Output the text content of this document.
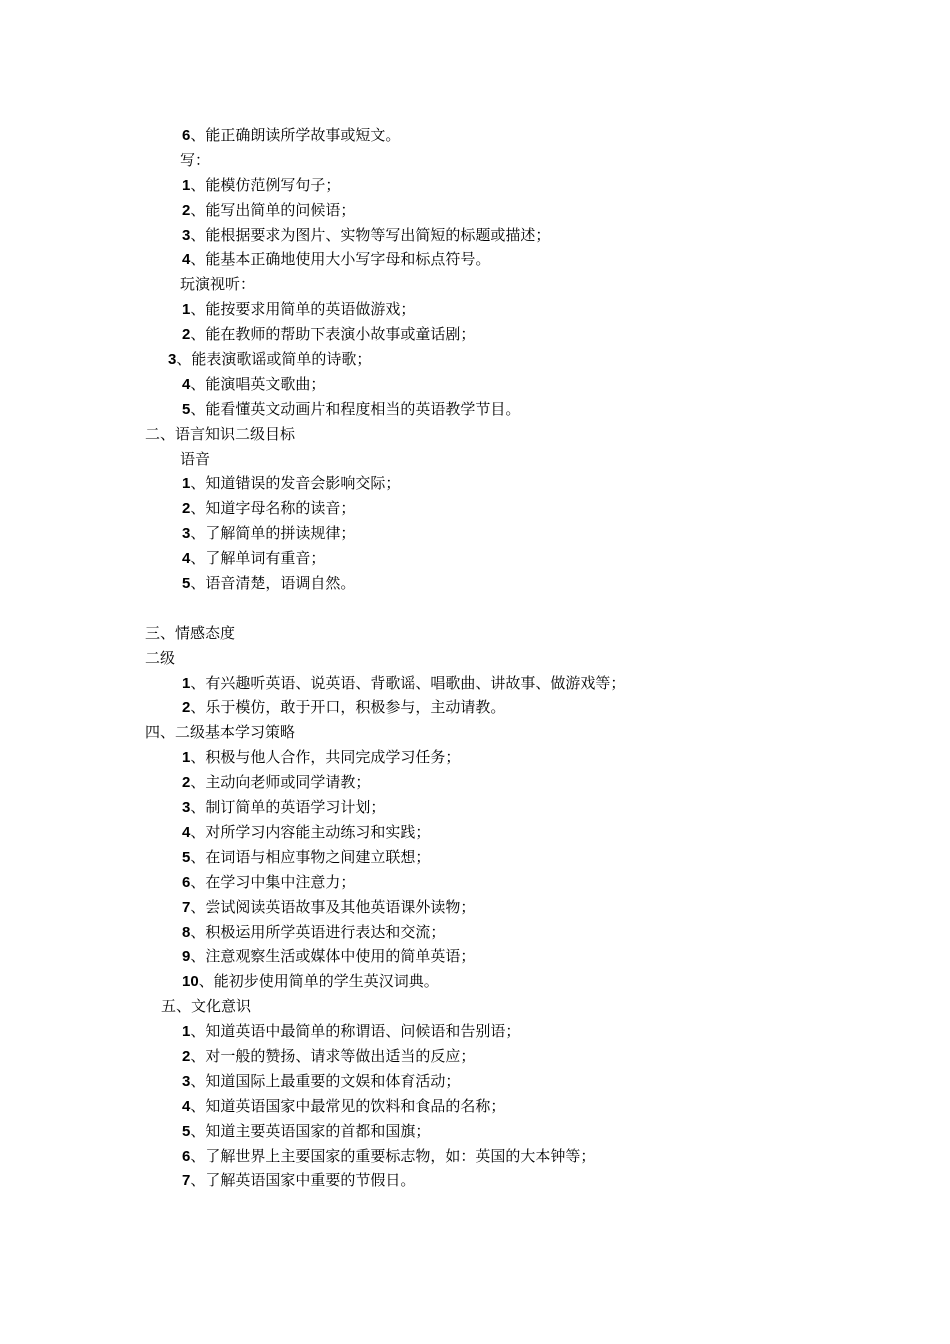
6、能正确朗读所学故事或短文。
写：
1、能模仿范例写句子；
2、能写出简单的问候语；
3、能根据要求为图片、实物等写出简短的标题或描述；
4、能基本正确地使用大小写字母和标点符号。
玩演视听：
1、能按要求用简单的英语做游戏；
2、能在教师的帮助下表演小故事或童话剧；
3、能表演歌谣或简单的诗歌；
4、能演唱英文歌曲；
5、能看懂英文动画片和程度相当的英语教学节目。
二、语言知识二级目标
语音
1、知道错误的发音会影响交际；
2、知道字母名称的读音；
3、了解简单的拼读规律；
4、了解单词有重音；
5、语音清楚，语调自然。
三、情感态度
二级
1、有兴趣听英语、说英语、背歌谣、唱歌曲、讲故事、做游戏等；
2、乐于模仿，敢于开口，积极参与，主动请教。
四、二级基本学习策略
1、积极与他人合作，共同完成学习任务；
2、主动向老师或同学请教；
3、制订简单的英语学习计划；
4、对所学习内容能主动练习和实践；
5、在词语与相应事物之间建立联想；
6、在学习中集中注意力；
7、尝试阅读英语故事及其他英语课外读物；
8、积极运用所学英语进行表达和交流；
9、注意观察生活或媒体中使用的简单英语；
10、能初步使用简单的学生英汉词典。
五、文化意识
1、知道英语中最简单的称谓语、问候语和告别语；
2、对一般的赞扬、请求等做出适当的反应；
3、知道国际上最重要的文娱和体育活动；
4、知道英语国家中最常见的饮料和食品的名称；
5、知道主要英语国家的首都和国旗；
6、了解世界上主要国家的重要标志物，如：英国的大本钟等；
7、了解英语国家中重要的节假日。
